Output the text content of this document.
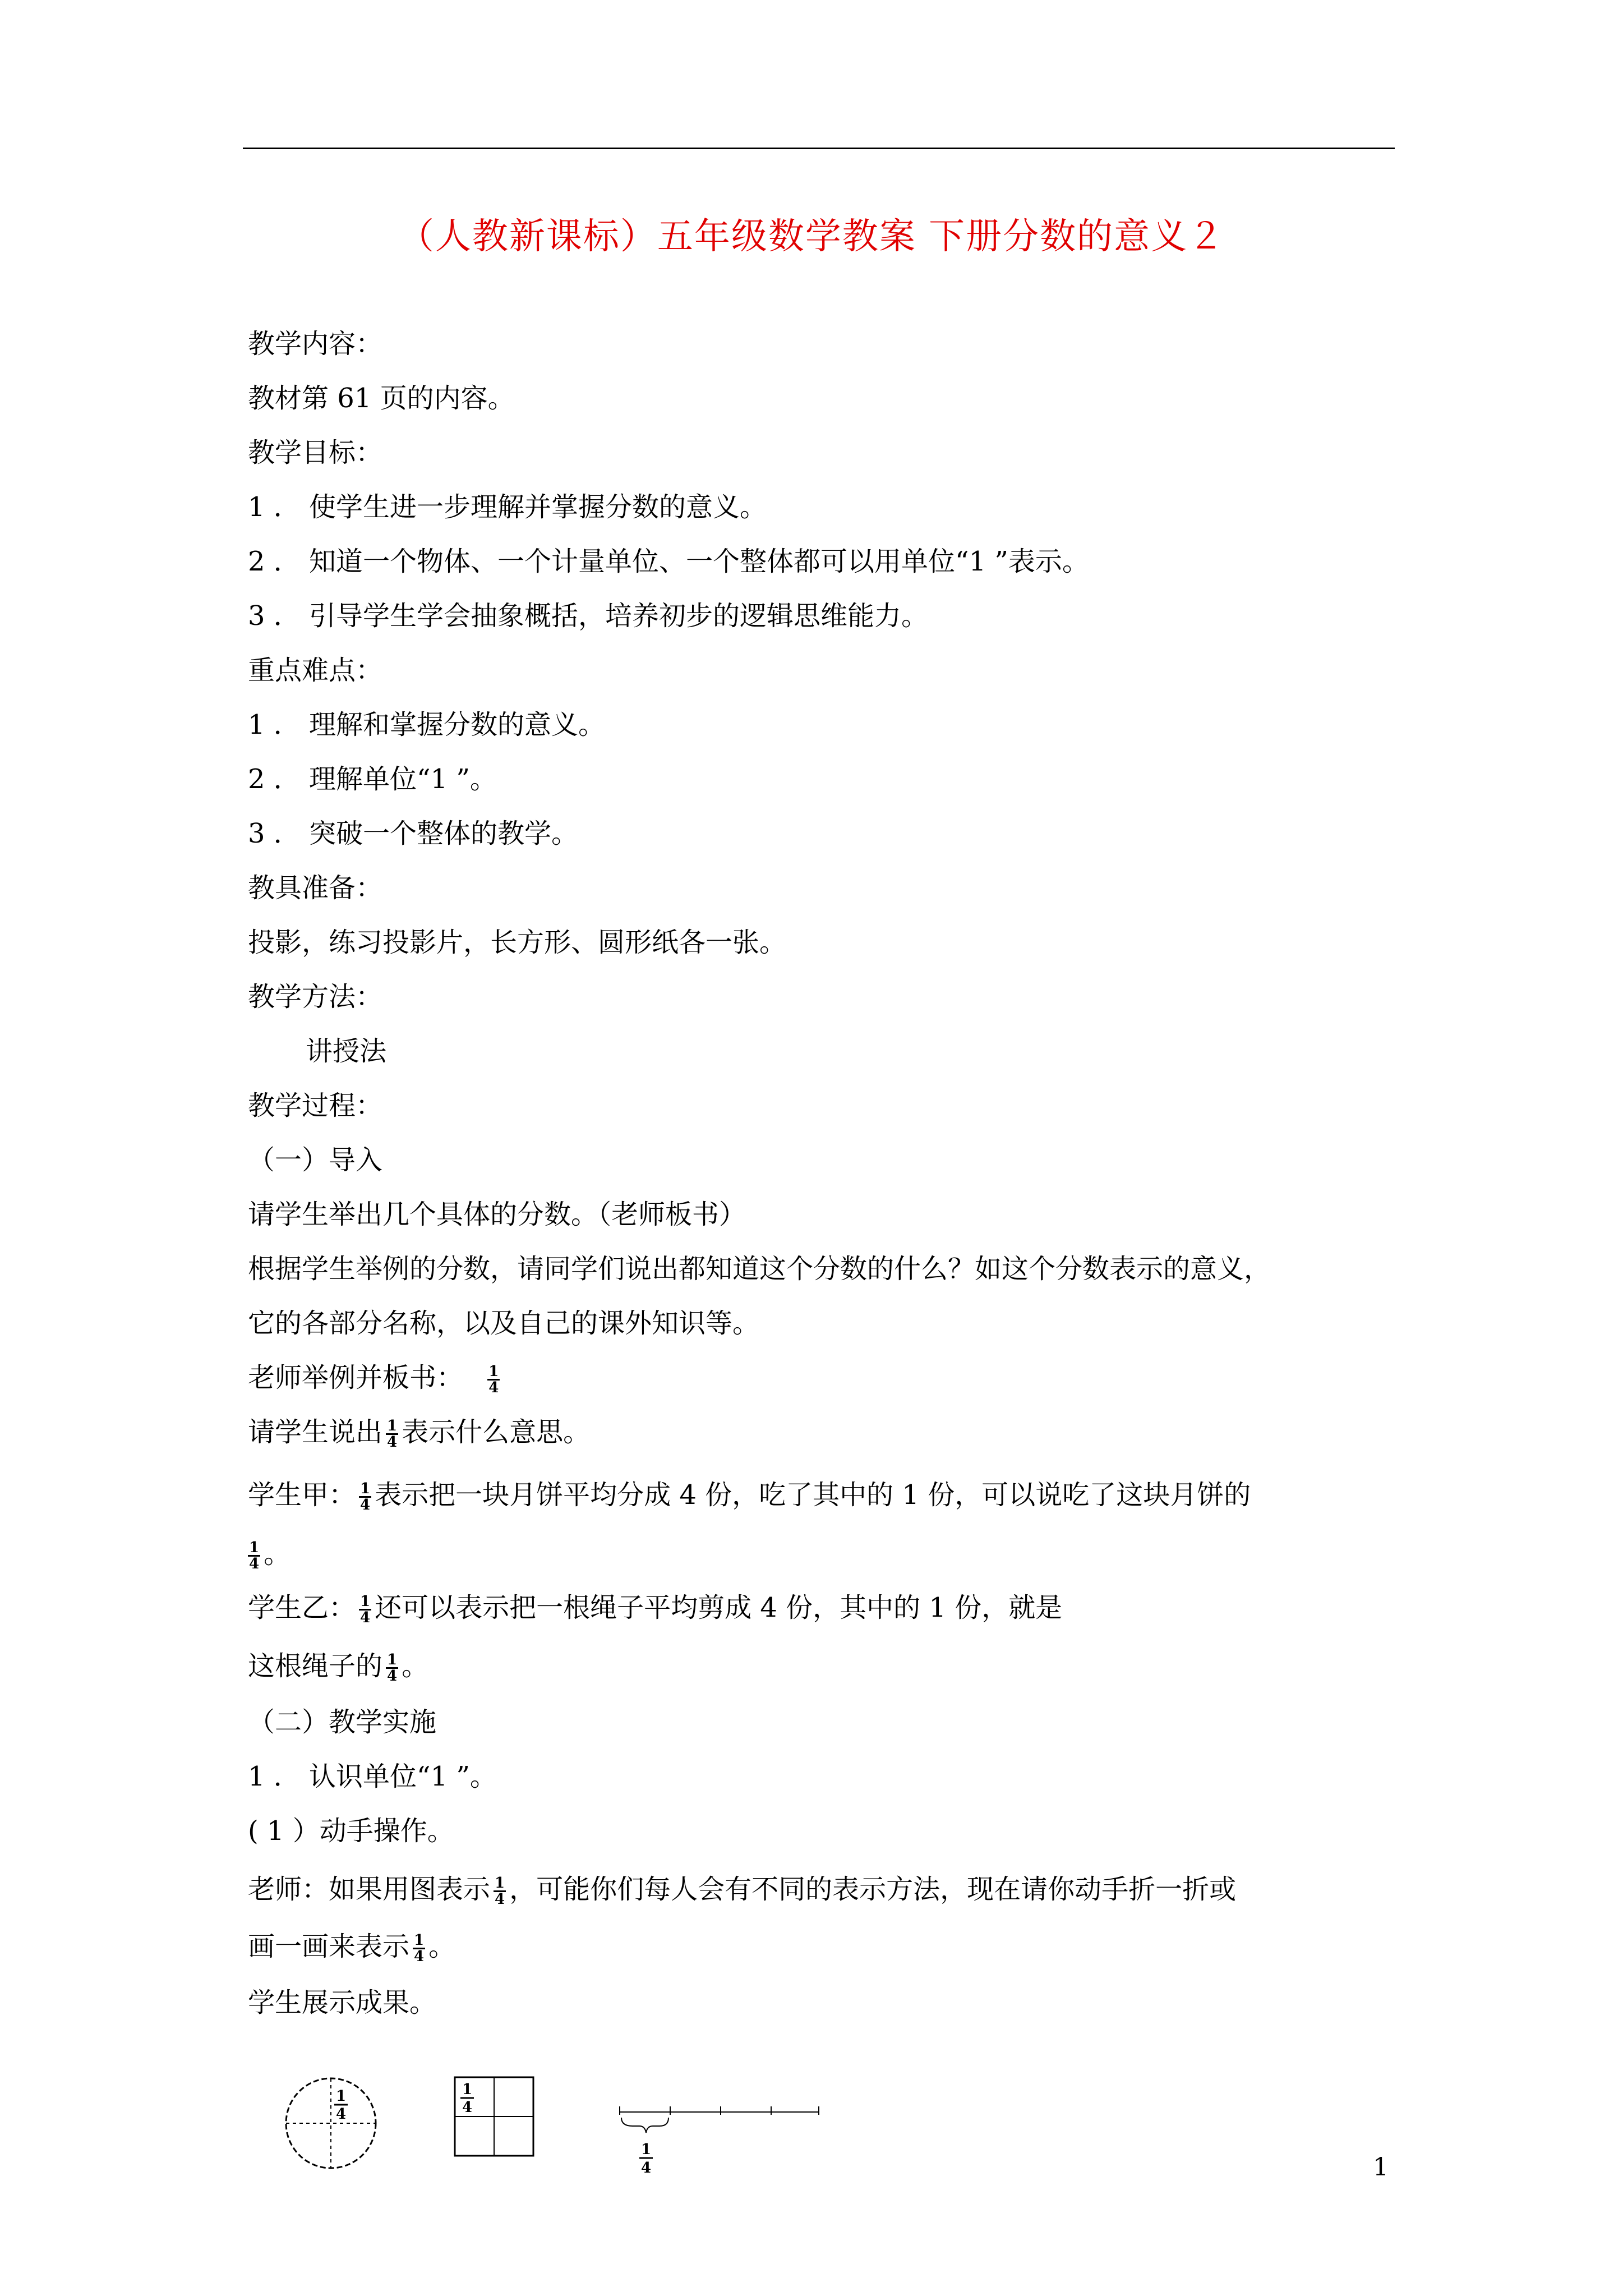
（人教新课标）五年级数学教案 下册分数的意义２
教学内容：
教材第 61 页的内容。
教学目标：
1 ． 使学生进一步理解并掌握分数的意义。
2 ． 知道一个物体、一个计量单位、一个整体都可以用单位“1 ”表示。
3 ． 引导学生学会抽象概括，培养初步的逻辑思维能力。
重点难点：
1 ． 理解和掌握分数的意义。
2 ． 理解单位“1 ”。
3 ． 突破一个整体的教学。
教具准备：
投影，练习投影片，长方形、圆形纸各一张。
教学方法：
讲授法
教学过程：
（一）导入
请学生举出几个具体的分数。（老师板书）
根据学生举例的分数，请同学们说出都知道这个分数的什么？如这个分数表示的意义，
它的各部分名称，以及自己的课外知识等。
老师举例并板书： $\frac{1}{4}$
请学生说出 $\frac{1}{4}$ 表示什么意思。
学生甲： $\frac{1}{4}$ 表示把一块月饼平均分成 4 份，吃了其中的 1 份，可以说吃了这块月饼的
$\frac{1}{4}$ 。
学生乙： $\frac{1}{4}$ 还可以表示把一根绳子平均剪成 4 份，其中的 1 份，就是
这根绳子的 $\frac{1}{4}$ 。
（二）教学实施
1 ． 认识单位“1 ”。
( 1 ）动手操作。
老师：如果用图表示 $\frac{1}{4}$ ，可能你们每人会有不同的表示方法，现在请你动手折一折或
画一画来表示 $\frac{1}{4}$ 。
学生展示成果。
1
4
1
4
1
4	1
